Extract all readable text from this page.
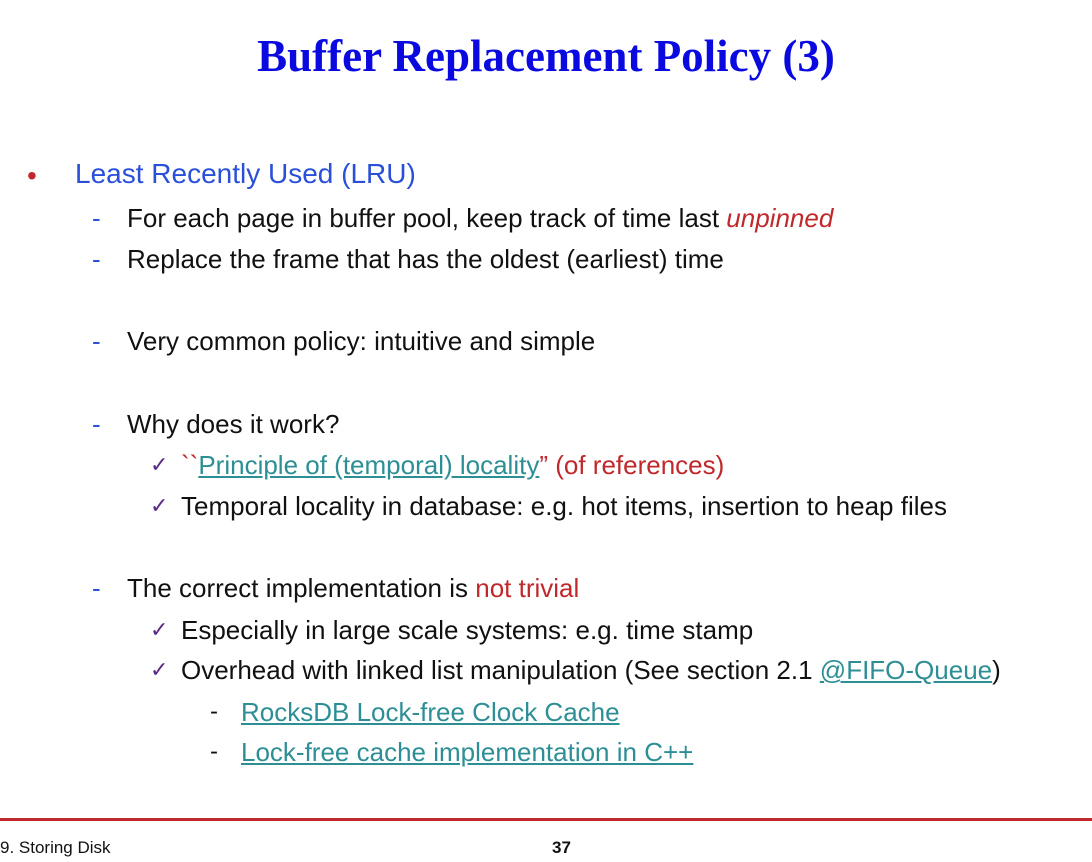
Buffer Replacement Policy (3)
• Least Recently Used (LRU)
- For each page in buffer pool, keep track of time last unpinned
- Replace the frame that has the oldest (earliest) time
- Very common policy: intuitive and simple
- Why does it work?
✓ ``Principle of (temporal) locality” (of references)
✓ Temporal locality in database: e.g. hot items, insertion to heap files
- The correct implementation is not trivial
✓ Especially in large scale systems: e.g. time stamp
✓ Overhead with linked list manipulation (See section 2.1 @FIFO-Queue)
- RocksDB Lock-free Clock Cache
- Lock-free cache implementation in C++
9. Storing Disk	37
